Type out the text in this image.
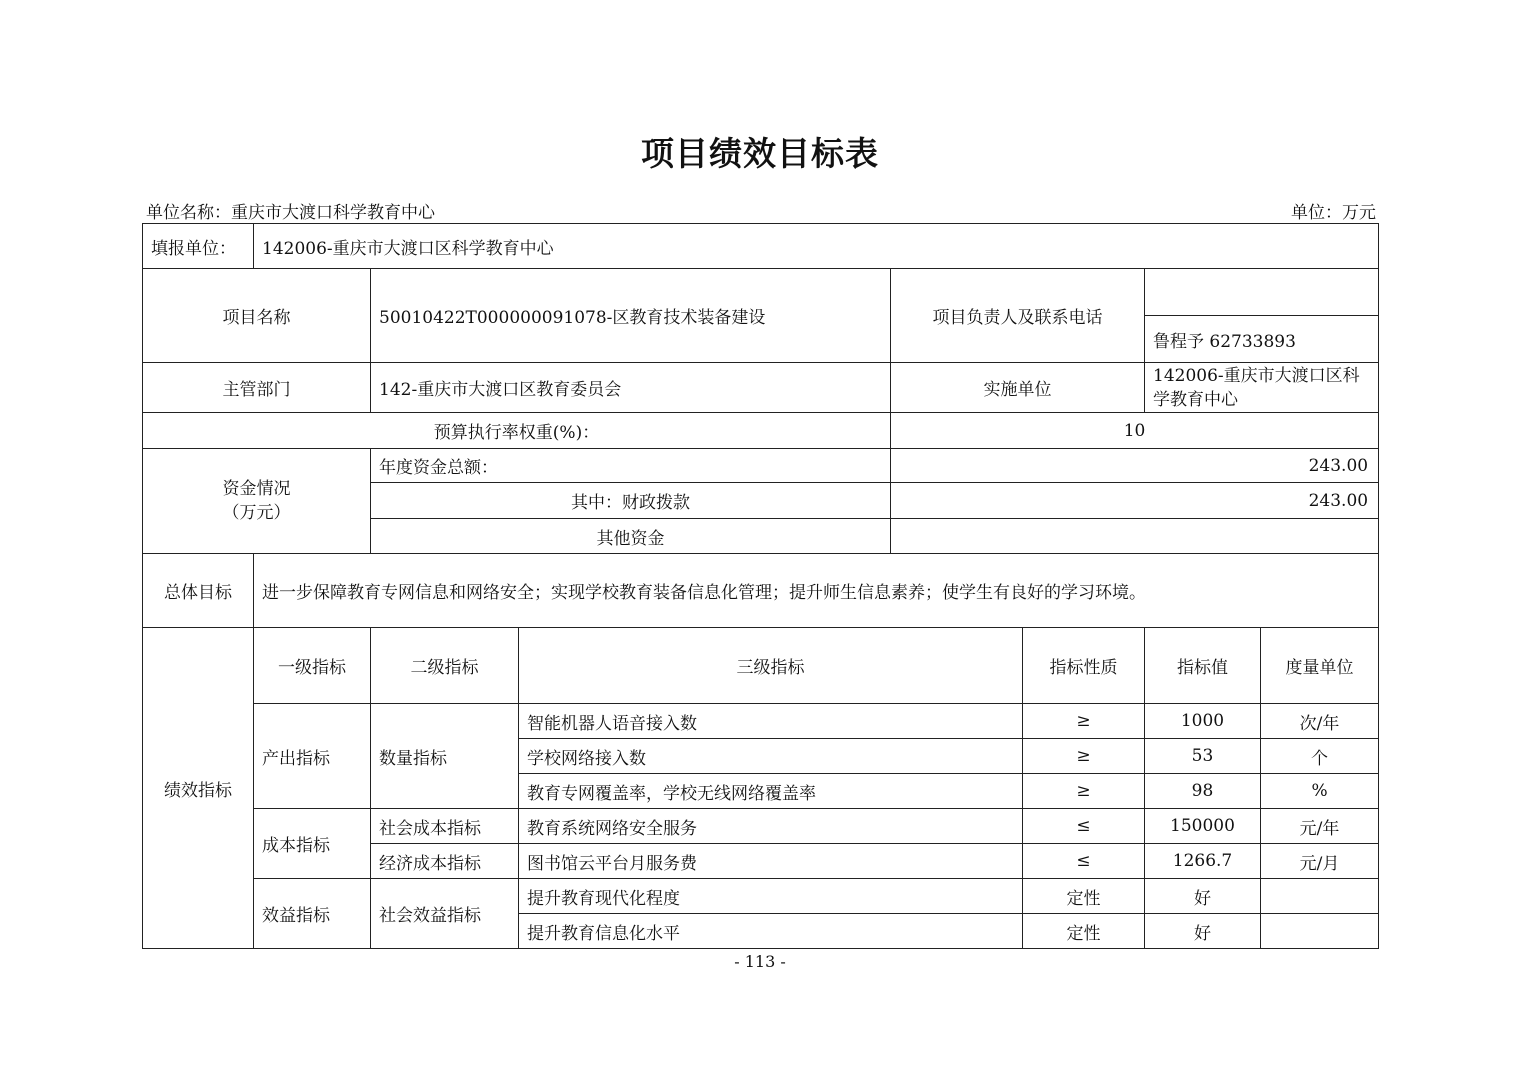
项目绩效目标表
单位名称：重庆市大渡口科学教育中心	单位：万元
填报单位：	142006-重庆市大渡口区科学教育中心							
项目名称		50010422T000000091078-区教育技术装备建设		项目负责人及联系电话				
						鲁程予 62733893		
主管部门		142-重庆市大渡口区教育委员会		实施单位		142006-重庆市大渡口区科学教育中心		
预算执行率权重(%)：				10				

资金情况
（万元）		年度资金总额：		243.00				
		其中：财政拨款		243.00				
		其他资金						
总体目标	进一步保障教育专网信息和网络安全；实现学校教育装备信息化管理；提升师生信息素养；使学生有良好的学习环境。							
绩效指标	一级指标	二级指标	三级指标		指标性质	指标值	度量单位	
	产出指标	数量指标	智能机器人语音接入数		≥	1000	次/年	
			学校网络接入数		≥	53	个	
			教育专网覆盖率，学校无线网络覆盖率		≥	98	%	
	成本指标	社会成本指标	教育系统网络安全服务		≤	150000	元/年	
		经济成本指标	图书馆云平台月服务费		≤	1266.7	元/月	
	效益指标	社会效益指标	提升教育现代化程度		定性	好		
			提升教育信息化水平		定性	好		
- 113 -
